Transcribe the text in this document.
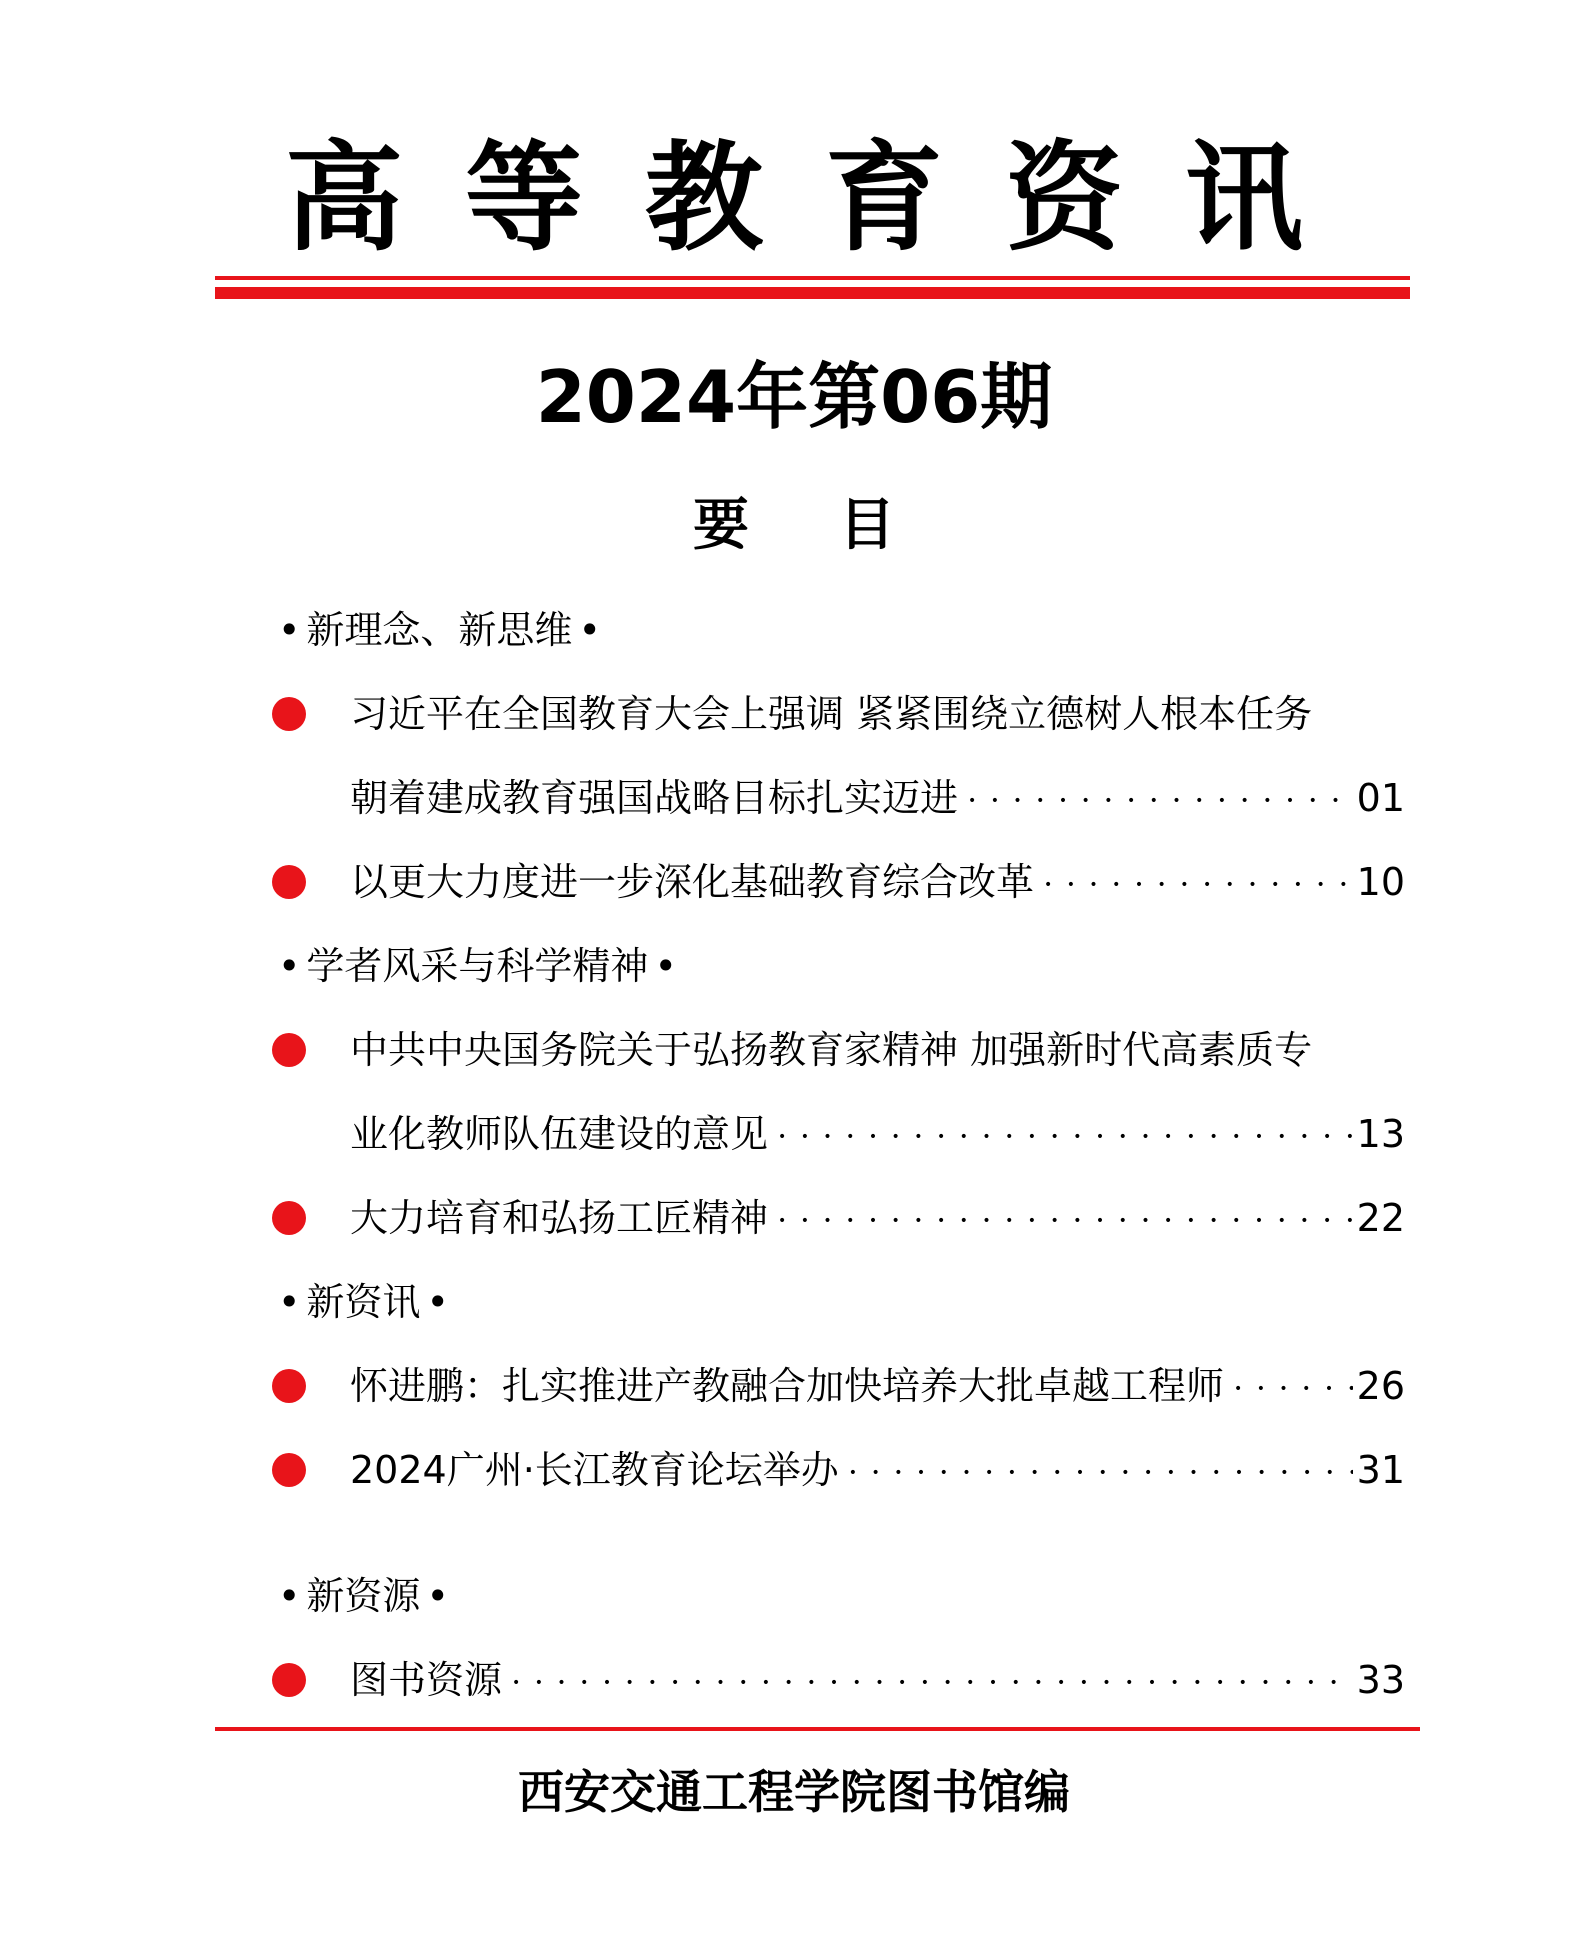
高等教育资讯
2024年第06期
要目
• 新理念、新思维 •
习近平在全国教育大会上强调 紧紧围绕立德树人根本任务
朝着建成教育强国战略目标扎实迈进 • • •	01
以更大力度进一步深化基础教育综合改革 • • •	10
• 学者风采与科学精神 •
中共中央国务院关于弘扬教育家精神 加强新时代高素质专
业化教师队伍建设的意见 • • •	13
大力培育和弘扬工匠精神 • • •	22
• 新资讯 •
怀进鹏：扎实推进产教融合加快培养大批卓越工程师 • • •	26
2024广州·长江教育论坛举办 • • •	31
• 新资源 •
图书资源 • • •	33
西安交通工程学院图书馆编
